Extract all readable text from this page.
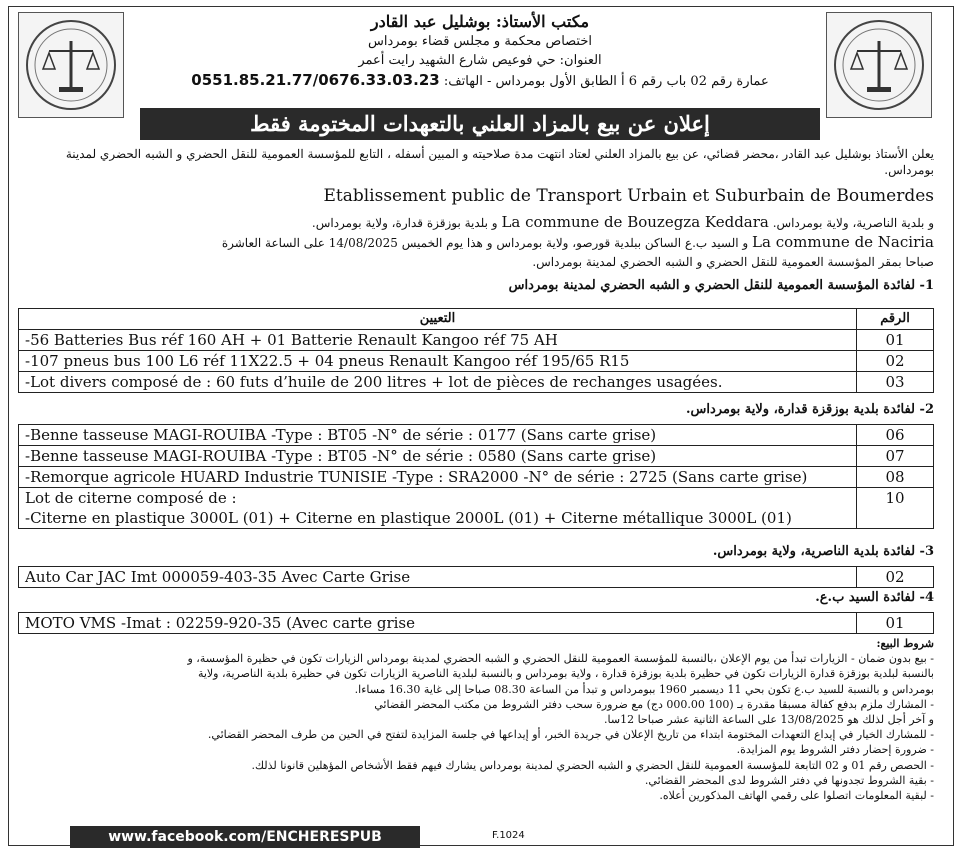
مكتب الأستاذ: بوشليل عبد القادر
اختصاص محكمة و مجلس قضاء بومرداس
العنوان: حي فوعيص شارع الشهيد رايت أعمر
عمارة رقم 02 باب رقم 6 أ الطابق الأول بومرداس - الهاتف: 0551.85.21.77/0676.33.03.23
إعلان عن بيع بالمزاد العلني بالتعهدات المختومة فقط
يعلن الأستاذ بوشليل عبد القادر ،محضر قضائي، عن بيع بالمزاد العلني لعتاد انتهت مدة صلاحيته و المبين أسفله ، التابع للمؤسسة العمومية للنقل الحضري و الشبه الحضري لمدينة بومرداس.
Etablissement public de Transport Urbain et Suburbain de Boumerdes
و بلدية الناصرية، ولاية بومرداس. La commune de Bouzegza Keddara و بلدية بوزقزة قدارة، ولاية بومرداس.
La commune de Naciria و السيد ب.ع الساكن ببلدية قورصو، ولاية بومرداس و هذا يوم الخميس 14/08/2025 على الساعة العاشرة
صباحا بمقر المؤسسة العمومية للنقل الحضري و الشبه الحضري لمدينة بومرداس.
1- لفائدة المؤسسة العمومية للنقل الحضري و الشبه الحضري لمدينة بومرداس
التعيين	الرقم
-56 Batteries Bus réf 160 AH + 01 Batterie Renault Kangoo réf 75 AH	01
-107 pneus bus 100 L6 réf 11X22.5 + 04 pneus Renault Kangoo réf 195/65 R15	02
-Lot divers composé de : 60 futs d’huile de 200 litres + lot de pièces de rechanges usagées.	03
2- لفائدة بلدية بوزقزة قدارة، ولاية بومرداس.
-Benne tasseuse MAGI-ROUIBA -Type : BT05 -N° de série : 0177 (Sans carte grise)	06
-Benne tasseuse MAGI-ROUIBA -Type : BT05 -N° de série : 0580 (Sans carte grise)	07
-Remorque agricole HUARD Industrie TUNISIE -Type : SRA2000 -N° de série : 2725 (Sans carte grise)	08

Lot de citerne composé de :
-Citerne en plastique 3000L (01) + Citerne en plastique 2000L (01) + Citerne métallique 3000L (01)	10
3- لفائدة بلدية الناصرية، ولاية بومرداس.
Auto Car JAC Imt 000059-403-35 Avec Carte Grise	02
4- لفائدة السيد ب.ع.
MOTO VMS -Imat : 02259-920-35 (Avec carte grise	01
شروط البيع:
- بيع بدون ضمان - الزيارات تبدأ من يوم الإعلان ،بالنسبة للمؤسسة العمومية للنقل الحضري و الشبه الحضري لمدينة بومرداس الزيارات تكون في حظيرة المؤسسة، و
بالنسبة لبلدية بوزقزة قدارة الزيارات تكون في حظيرة بلدية بوزقزة قدارة ، ولاية بومرداس و بالنسبة لبلدية الناصرية الزيارات تكون في حظيرة بلدية الناصرية، ولاية
بومرداس و بالنسبة للسيد ب.ع تكون بحي 11 ديسمبر 1960 ببومرداس و تبدأ من الساعة 08.30 صباحا إلى غاية 16.30 مساءا.
- المشارك ملزم بدفع كفالة مسبقا مقدرة بـ (100 000.00 دج) مع ضرورة سحب دفتر الشروط من مكتب المحضر القضائي
و آخر أجل لذلك هو 13/08/2025 على الساعة الثانية عشر صباحا 12سا.
- للمشارك الخيار في إيداع التعهدات المختومة ابتداء من تاريخ الإعلان في جريدة الخبر، أو إيداعها في جلسة المزايدة لتفتح في الحين من طرف المحضر القضائي.
- ضرورة إحضار دفتر الشروط يوم المزايدة.
- الحصص رقم 01 و 02 التابعة للمؤسسة العمومية للنقل الحضري و الشبه الحضري لمدينة بومرداس يشارك فيهم فقط الأشخاص المؤهلين قانونا لذلك.
- بقية الشروط تجدونها في دفتر الشروط لدى المحضر القضائي.
- لبقية المعلومات اتصلوا على رقمي الهاتف المذكورين أعلاه.
www.facebook.com/ENCHERESPUB	F.1024
